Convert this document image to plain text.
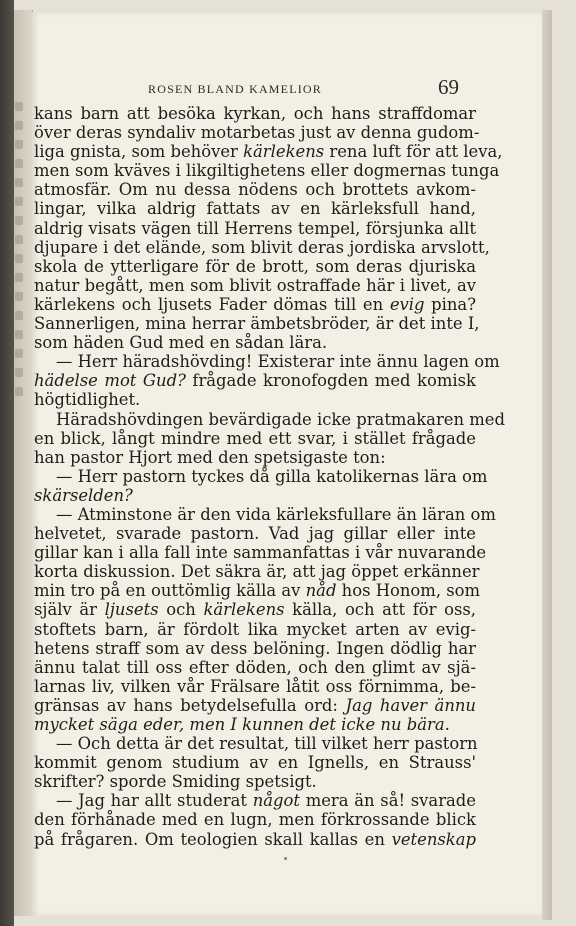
ROSEN BLAND KAMELIOR	69
kans barn att besöka kyrkan, och hans straffdomar
över deras syndaliv motarbetas just av denna gudom-
liga gnista, som behöver kärlekens rena luft för att leva,
men som kväves i likgiltighetens eller dogmernas tunga
atmosfär. Om nu dessa nödens och brottets avkom-
lingar, vilka aldrig fattats av en kärleksfull hand,
aldrig visats vägen till Herrens tempel, försjunka allt
djupare i det elände, som blivit deras jordiska arvslott,
skola de ytterligare för de brott, som deras djuriska
natur begått, men som blivit ostraffade här i livet, av
kärlekens och ljusets Fader dömas till en evig pina?
Sannerligen, mina herrar ämbetsbröder, är det inte I,
som häden Gud med en sådan lära.
— Herr häradshövding! Existerar inte ännu lagen om
hädelse mot Gud? frågade kronofogden med komisk
högtidlighet.
Häradshövdingen bevärdigade icke pratmakaren med
en blick, långt mindre med ett svar, i stället frågade
han pastor Hjort med den spetsigaste ton:
— Herr pastorn tyckes då gilla katolikernas lära om
skärselden?
— Atminstone är den vida kärleksfullare än läran om
helvetet, svarade pastorn. Vad jag gillar eller inte
gillar kan i alla fall inte sammanfattas i vår nuvarande
korta diskussion. Det säkra är, att jag öppet erkänner
min tro på en outtömlig källa av nåd hos Honom, som
själv är ljusets och kärlekens källa, och att för oss,
stoftets barn, är fördolt lika mycket arten av evig-
hetens straff som av dess belöning. Ingen dödlig har
ännu talat till oss efter döden, och den glimt av sjä-
larnas liv, vilken vår Frälsare låtit oss förnimma, be-
gränsas av hans betydelsefulla ord: Jag haver ännu
mycket säga eder, men I kunnen det icke nu bära.
— Och detta är det resultat, till vilket herr pastorn
kommit genom studium av en Ignells, en Strauss'
skrifter? sporde Smiding spetsigt.
— Jag har allt studerat något mera än så! svarade
den förhånade med en lugn, men förkrossande blick
på frågaren. Om teologien skall kallas en vetenskap
